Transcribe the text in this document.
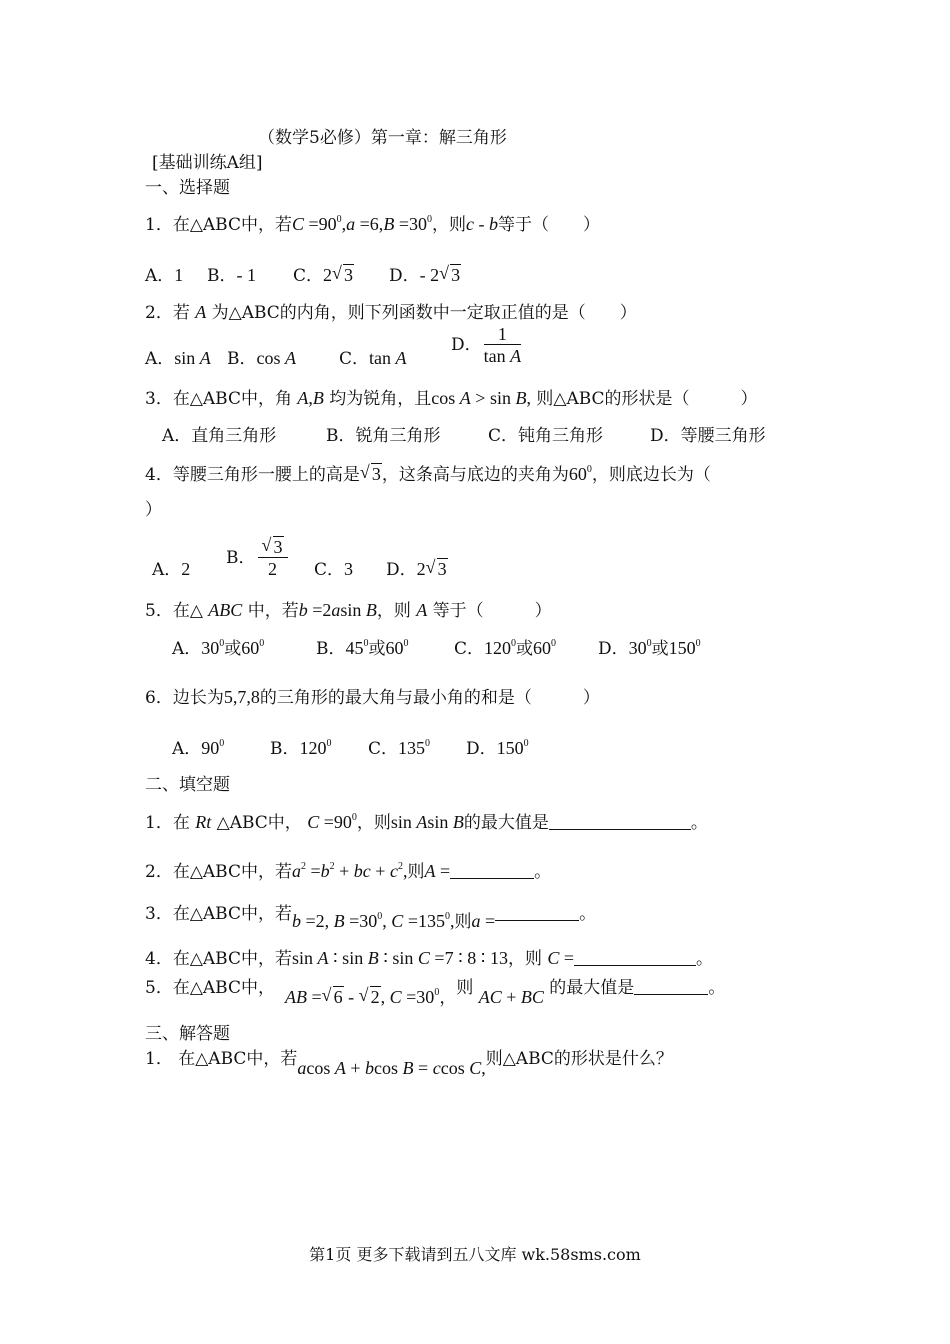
（数学5必修）第一章：解三角形
[基础训练A组]
一、选择题
1．在△ABC中，若$C =90^0,a =6,B =30^0$，则c - b等于（　　）
A．1 B．- 1 C．2 √ 3 D．- 2 √ 3
2．若 A 为△ABC的内角，则下列函数中一定取正值的是（　　）
A．sin A B．cos A	C．tan AD． $\frac{1}{\text{tan A}}$
3．在△ABC中，角 A,B 均为锐角，且cos A > sin B, 则△ABC的形状是（　　　）
A．直角三角形	B．锐角三角形	C．钝角三角形	D．等腰三角形
4．等腰三角形一腰上的高是 √ 3，这条高与底边的夹角为$60^0$，则底边长为（
）
A．2B． $\frac{√ 3}{2}$ C．3 D．2 √ 3
5．在△ ABC 中，若b =2asin B，则 A 等于（　　　）
A．$30^0$或$60^0$	B．$45^0$或$60^0$	C．$120^0$或$60^0$ D．$30^0$或$150^0$
6．边长为5,7,8的三角形的最大角与最小角的和是（　　　）
A．$90^0$	B．$120^0$ C．$135^0$ D．$150^0$
二、填空题
1．在 Rt △ABC中， $C =90^0$，则sin Asin B的最大值是	。
2．在△ABC中，若$a^2 =b^2$ + bc + $c^2$,则A =	。
3．在△ABC中，若b =2, $B =30^0$, $C =135^0$,则a =	。
4．在△ABC中，若sin A ∶ sin B ∶ sin C =7 ∶ 8 ∶ 13，则 C =	。
5．在△ABC中， AB = √ 6 - √ 2, $C =30^0$，则 AC + BC 的最大值是	。
三、解答题
1． 在△ABC中，若acos A + bcos B = ccos C,则△ABC的形状是什么？
第1页 更多下载请到五八文库 wk.58sms.com
